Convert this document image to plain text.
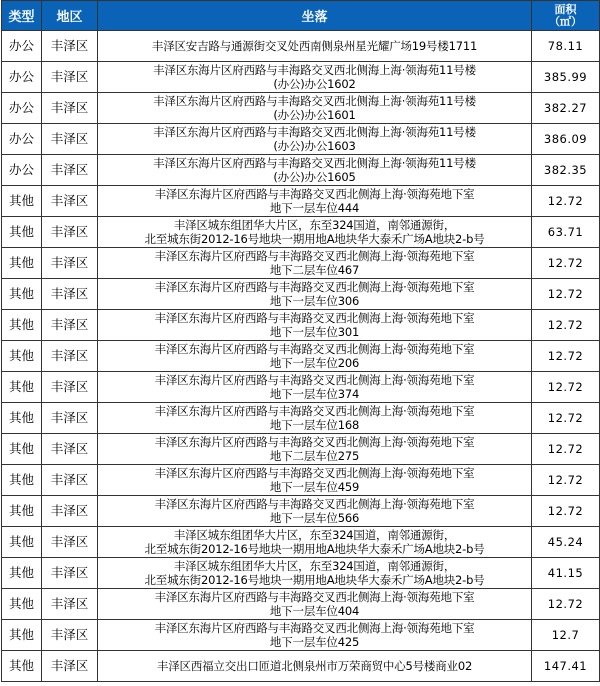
类型	地区	坐落	面积
（㎡）

办公	丰泽区	丰泽区安吉路与通源街交叉处西南侧泉州星光耀广场19号楼1711	78.11
办公	丰泽区	丰泽区东海片区府西路与丰海路交叉西北侧海上海·领海苑11号楼
(办公)办公1602	385.99
办公	丰泽区	丰泽区东海片区府西路与丰海路交叉西北侧海上海·领海苑11号楼
(办公)办公1601	382.27
办公	丰泽区	丰泽区东海片区府西路与丰海路交叉西北侧海上海·领海苑11号楼
(办公)办公1603	386.09
办公	丰泽区	丰泽区东海片区府西路与丰海路交叉西北侧海上海·领海苑11号楼
(办公)办公1605	382.35
其他	丰泽区	丰泽区东海片区府西路与丰海路交叉西北侧海上海·领海苑地下室
地下一层车位444	12.72
其他	丰泽区	丰泽区城东组团华大片区，东至324国道，南邻通源街，
北至城东街2012-16号地块一期用地A地块华大泰禾广场A地块2-b号	63.71
其他	丰泽区	丰泽区东海片区府西路与丰海路交叉西北侧海上海·领海苑地下室
地下二层车位467	12.72
其他	丰泽区	丰泽区东海片区府西路与丰海路交叉西北侧海上海·领海苑地下室
地下一层车位306	12.72
其他	丰泽区	丰泽区东海片区府西路与丰海路交叉西北侧海上海·领海苑地下室
地下一层车位301	12.72
其他	丰泽区	丰泽区东海片区府西路与丰海路交叉西北侧海上海·领海苑地下室
地下一层车位206	12.72
其他	丰泽区	丰泽区东海片区府西路与丰海路交叉西北侧海上海·领海苑地下室
地下一层车位374	12.72
其他	丰泽区	丰泽区东海片区府西路与丰海路交叉西北侧海上海·领海苑地下室
地下一层车位168	12.72
其他	丰泽区	丰泽区东海片区府西路与丰海路交叉西北侧海上海·领海苑地下室
地下二层车位275	12.72
其他	丰泽区	丰泽区东海片区府西路与丰海路交叉西北侧海上海·领海苑地下室
地下一层车位459	12.72
其他	丰泽区	丰泽区东海片区府西路与丰海路交叉西北侧海上海·领海苑地下室
地下一层车位566	12.72
其他	丰泽区	丰泽区城东组团华大片区，东至324国道，南邻通源街，
北至城东街2012-16号地块一期用地A地块华大泰禾广场A地块2-b号	45.24
其他	丰泽区	丰泽区城东组团华大片区，东至324国道，南邻通源街，
北至城东街2012-16号地块一期用地A地块华大泰禾广场A地块2-b号	41.15
其他	丰泽区	丰泽区东海片区府西路与丰海路交叉西北侧海上海·领海苑地下室
地下一层车位404	12.72
其他	丰泽区	丰泽区东海片区府西路与丰海路交叉西北侧海上海·领海苑地下室
地下一层车位425	12.7
其他	丰泽区	丰泽区西福立交出口匝道北侧泉州市万荣商贸中心5号楼商业02	147.41
